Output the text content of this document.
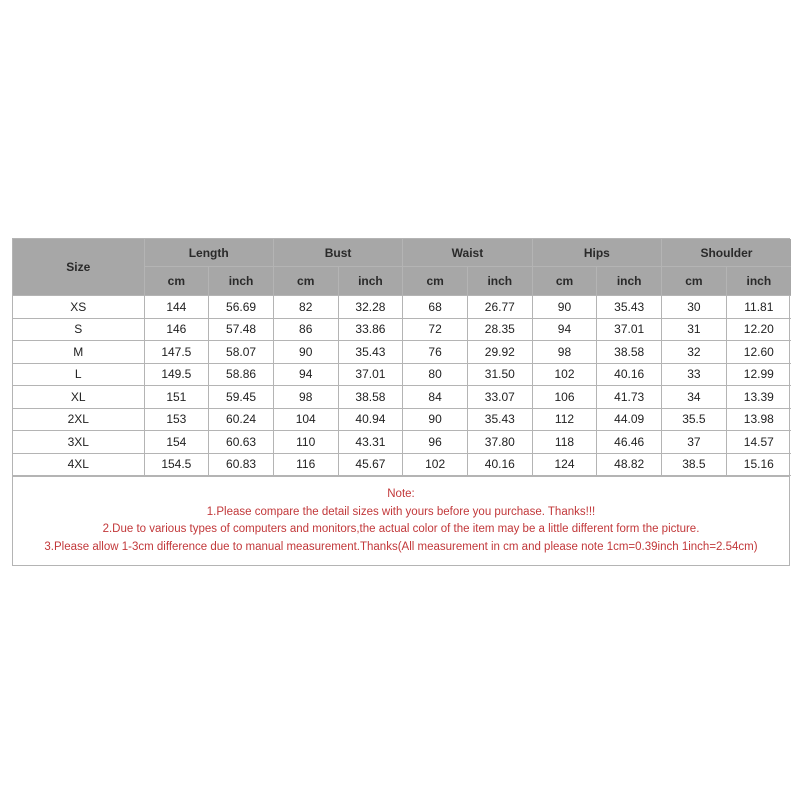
Size	Length		Bust		Waist		Hips		Shoulder	
	cm	inch	cm	inch	cm	inch	cm	inch	cm	inch
XS	144	56.69	82	32.28	68	26.77	90	35.43	30	11.81
S	146	57.48	86	33.86	72	28.35	94	37.01	31	12.20
M	147.5	58.07	90	35.43	76	29.92	98	38.58	32	12.60
L	149.5	58.86	94	37.01	80	31.50	102	40.16	33	12.99
XL	151	59.45	98	38.58	84	33.07	106	41.73	34	13.39
2XL	153	60.24	104	40.94	90	35.43	112	44.09	35.5	13.98
3XL	154	60.63	110	43.31	96	37.80	118	46.46	37	14.57
4XL	154.5	60.83	116	45.67	102	40.16	124	48.82	38.5	15.16
Note:
1.Please compare the detail sizes with yours before you purchase. Thanks!!!
2.Due to various types of computers and monitors,the actual color of the item may be a little different form the picture.
3.Please allow 1-3cm difference due to manual measurement.Thanks(All measurement in cm and please note 1cm=0.39inch 1inch=2.54cm)
